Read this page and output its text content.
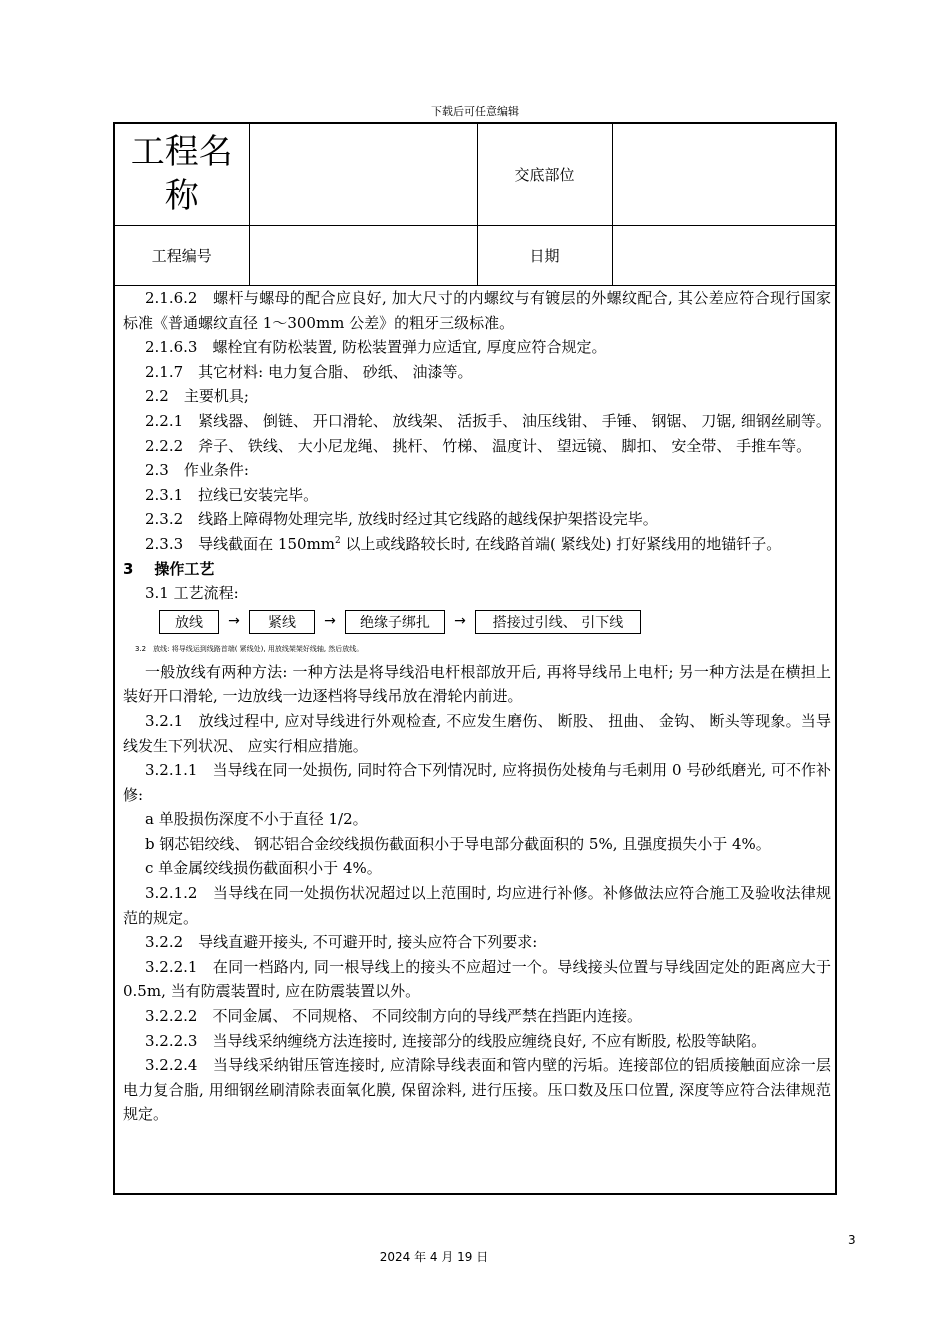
下载后可任意编辑
工程名称		交底部位	
工程编号		日期	

2.1.6.2　螺杆与螺母的配合应良好, 加大尺寸的内螺纹与有镀层的外螺纹配合, 其公差应符合现行国家标准《普通螺纹直径 1～300mm 公差》的粗牙三级标准。

2.1.6.3　螺栓宜有防松装置, 防松装置弹力应适宜, 厚度应符合规定。

2.1.7　其它材料: 电力复合脂、 砂纸、 油漆等。

2.2　主要机具;

2.2.1　紧线器、 倒链、 开口滑轮、 放线架、 活扳手、 油压线钳、 手锤、 钢锯、 刀锯, 细钢丝刷等。

2.2.2　斧子、 铁线、 大小尼龙绳、 挑杆、 竹梯、 温度计、 望远镜、 脚扣、 安全带、 手推车等。

2.3　作业条件:

2.3.1　拉线已安装完毕。

2.3.2　线路上障碍物处理完毕, 放线时经过其它线路的越线保护架搭设完毕。

2.3.3　导线截面在 $150mm^2$ 以上或线路较长时, 在线路首端( 紧线处) 打好紧线用的地锚钎子。

3 操作工艺

3.1 工艺流程:

放线	→	紧线	→	绝缘子绑扎	→	搭接过引线、 引下线

3.2　放线: 将导线运到线路首端( 紧线处), 用放线架架好线轴, 然后放线。

一般放线有两种方法: 一种方法是将导线沿电杆根部放开后, 再将导线吊上电杆; 另一种方法是在横担上装好开口滑轮, 一边放线一边逐档将导线吊放在滑轮内前进。

3.2.1　放线过程中, 应对导线进行外观检查, 不应发生磨伤、 断股、 扭曲、 金钩、 断头等现象。当导线发生下列状况、 应实行相应措施。

3.2.1.1　当导线在同一处损伤, 同时符合下列情况时, 应将损伤处棱角与毛刺用 0 号砂纸磨光, 可不作补修:

a 单股损伤深度不小于直径 1/2。

b 钢芯铝绞线、 钢芯铝合金绞线损伤截面积小于导电部分截面积的 5%, 且强度损失小于 4%。

c 单金属绞线损伤截面积小于 4%。

3.2.1.2　当导线在同一处损伤状况超过以上范围时, 均应进行补修。补修做法应符合施工及验收法律规范的规定。

3.2.2　导线直避开接头, 不可避开时, 接头应符合下列要求:

3.2.2.1　在同一档路内, 同一根导线上的接头不应超过一个。导线接头位置与导线固定处的距离应大于 0.5m, 当有防震装置时, 应在防震装置以外。

3.2.2.2　不同金属、 不同规格、 不同绞制方向的导线严禁在挡距内连接。

3.2.2.3　当导线采纳缠绕方法连接时, 连接部分的线股应缠绕良好, 不应有断股, 松股等缺陷。

3.2.2.4　当导线采纳钳压管连接时, 应清除导线表面和管内壁的污垢。连接部位的铝质接触面应涂一层电力复合脂, 用细钢丝刷清除表面氧化膜, 保留涂料, 进行压接。压口数及压口位置, 深度等应符合法律规范规定。

3
2024 年 4 月 19 日
